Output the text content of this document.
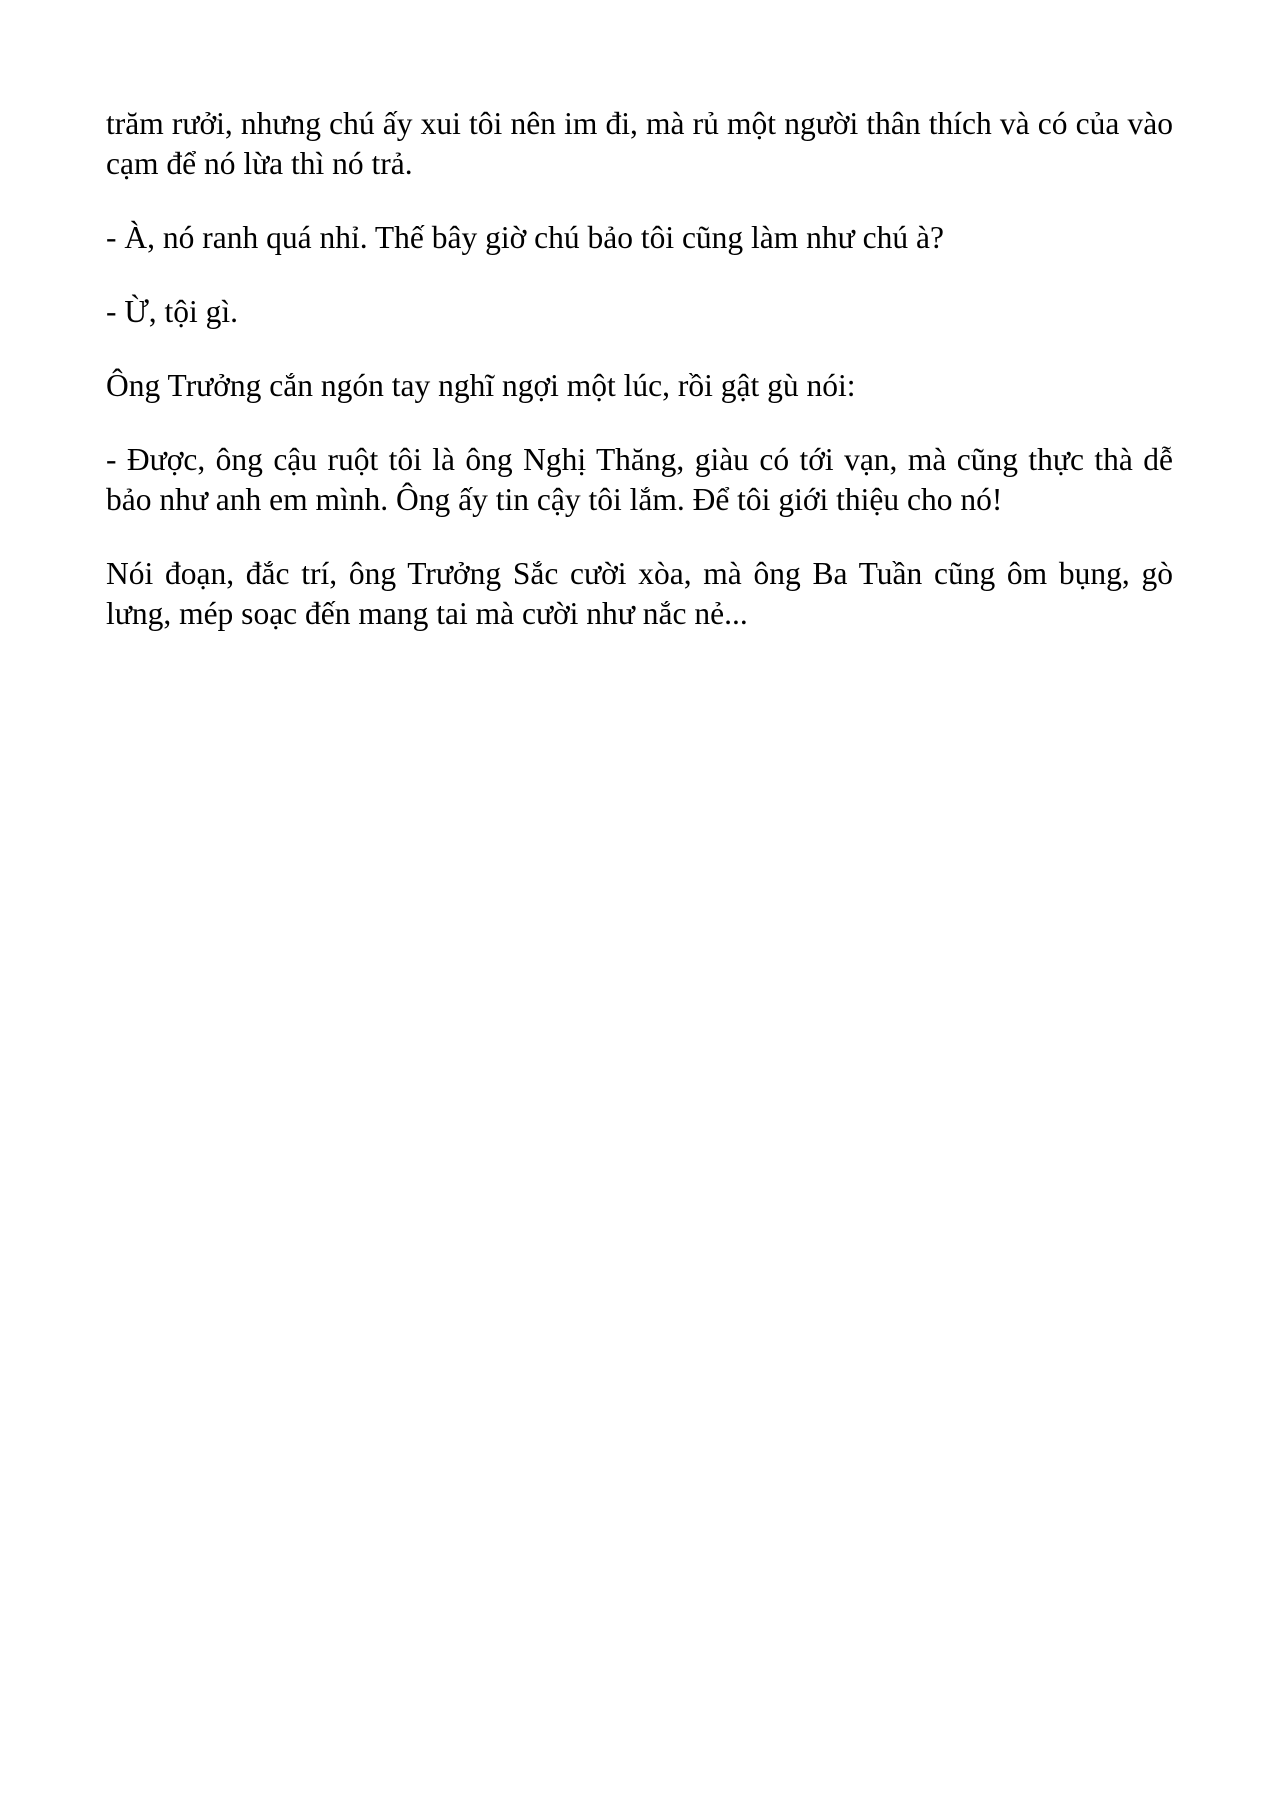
trăm rưởi, nhưng chú ấy xui tôi nên im đi, mà rủ một người thân thích và có của vào cạm để nó lừa thì nó trả.

- À, nó ranh quá nhỉ. Thế bây giờ chú bảo tôi cũng làm như chú à?

- Ừ, tội gì.

Ông Trưởng cắn ngón tay nghĩ ngợi một lúc, rồi gật gù nói:

- Được, ông cậu ruột tôi là ông Nghị Thăng, giàu có tới vạn, mà cũng thực thà dễ bảo như anh em mình. Ông ấy tin cậy tôi lắm. Để tôi giới thiệu cho nó!

Nói đoạn, đắc trí, ông Trưởng Sắc cười xòa, mà ông Ba Tuần cũng ôm bụng, gò lưng, mép soạc đến mang tai mà cười như nắc nẻ...
